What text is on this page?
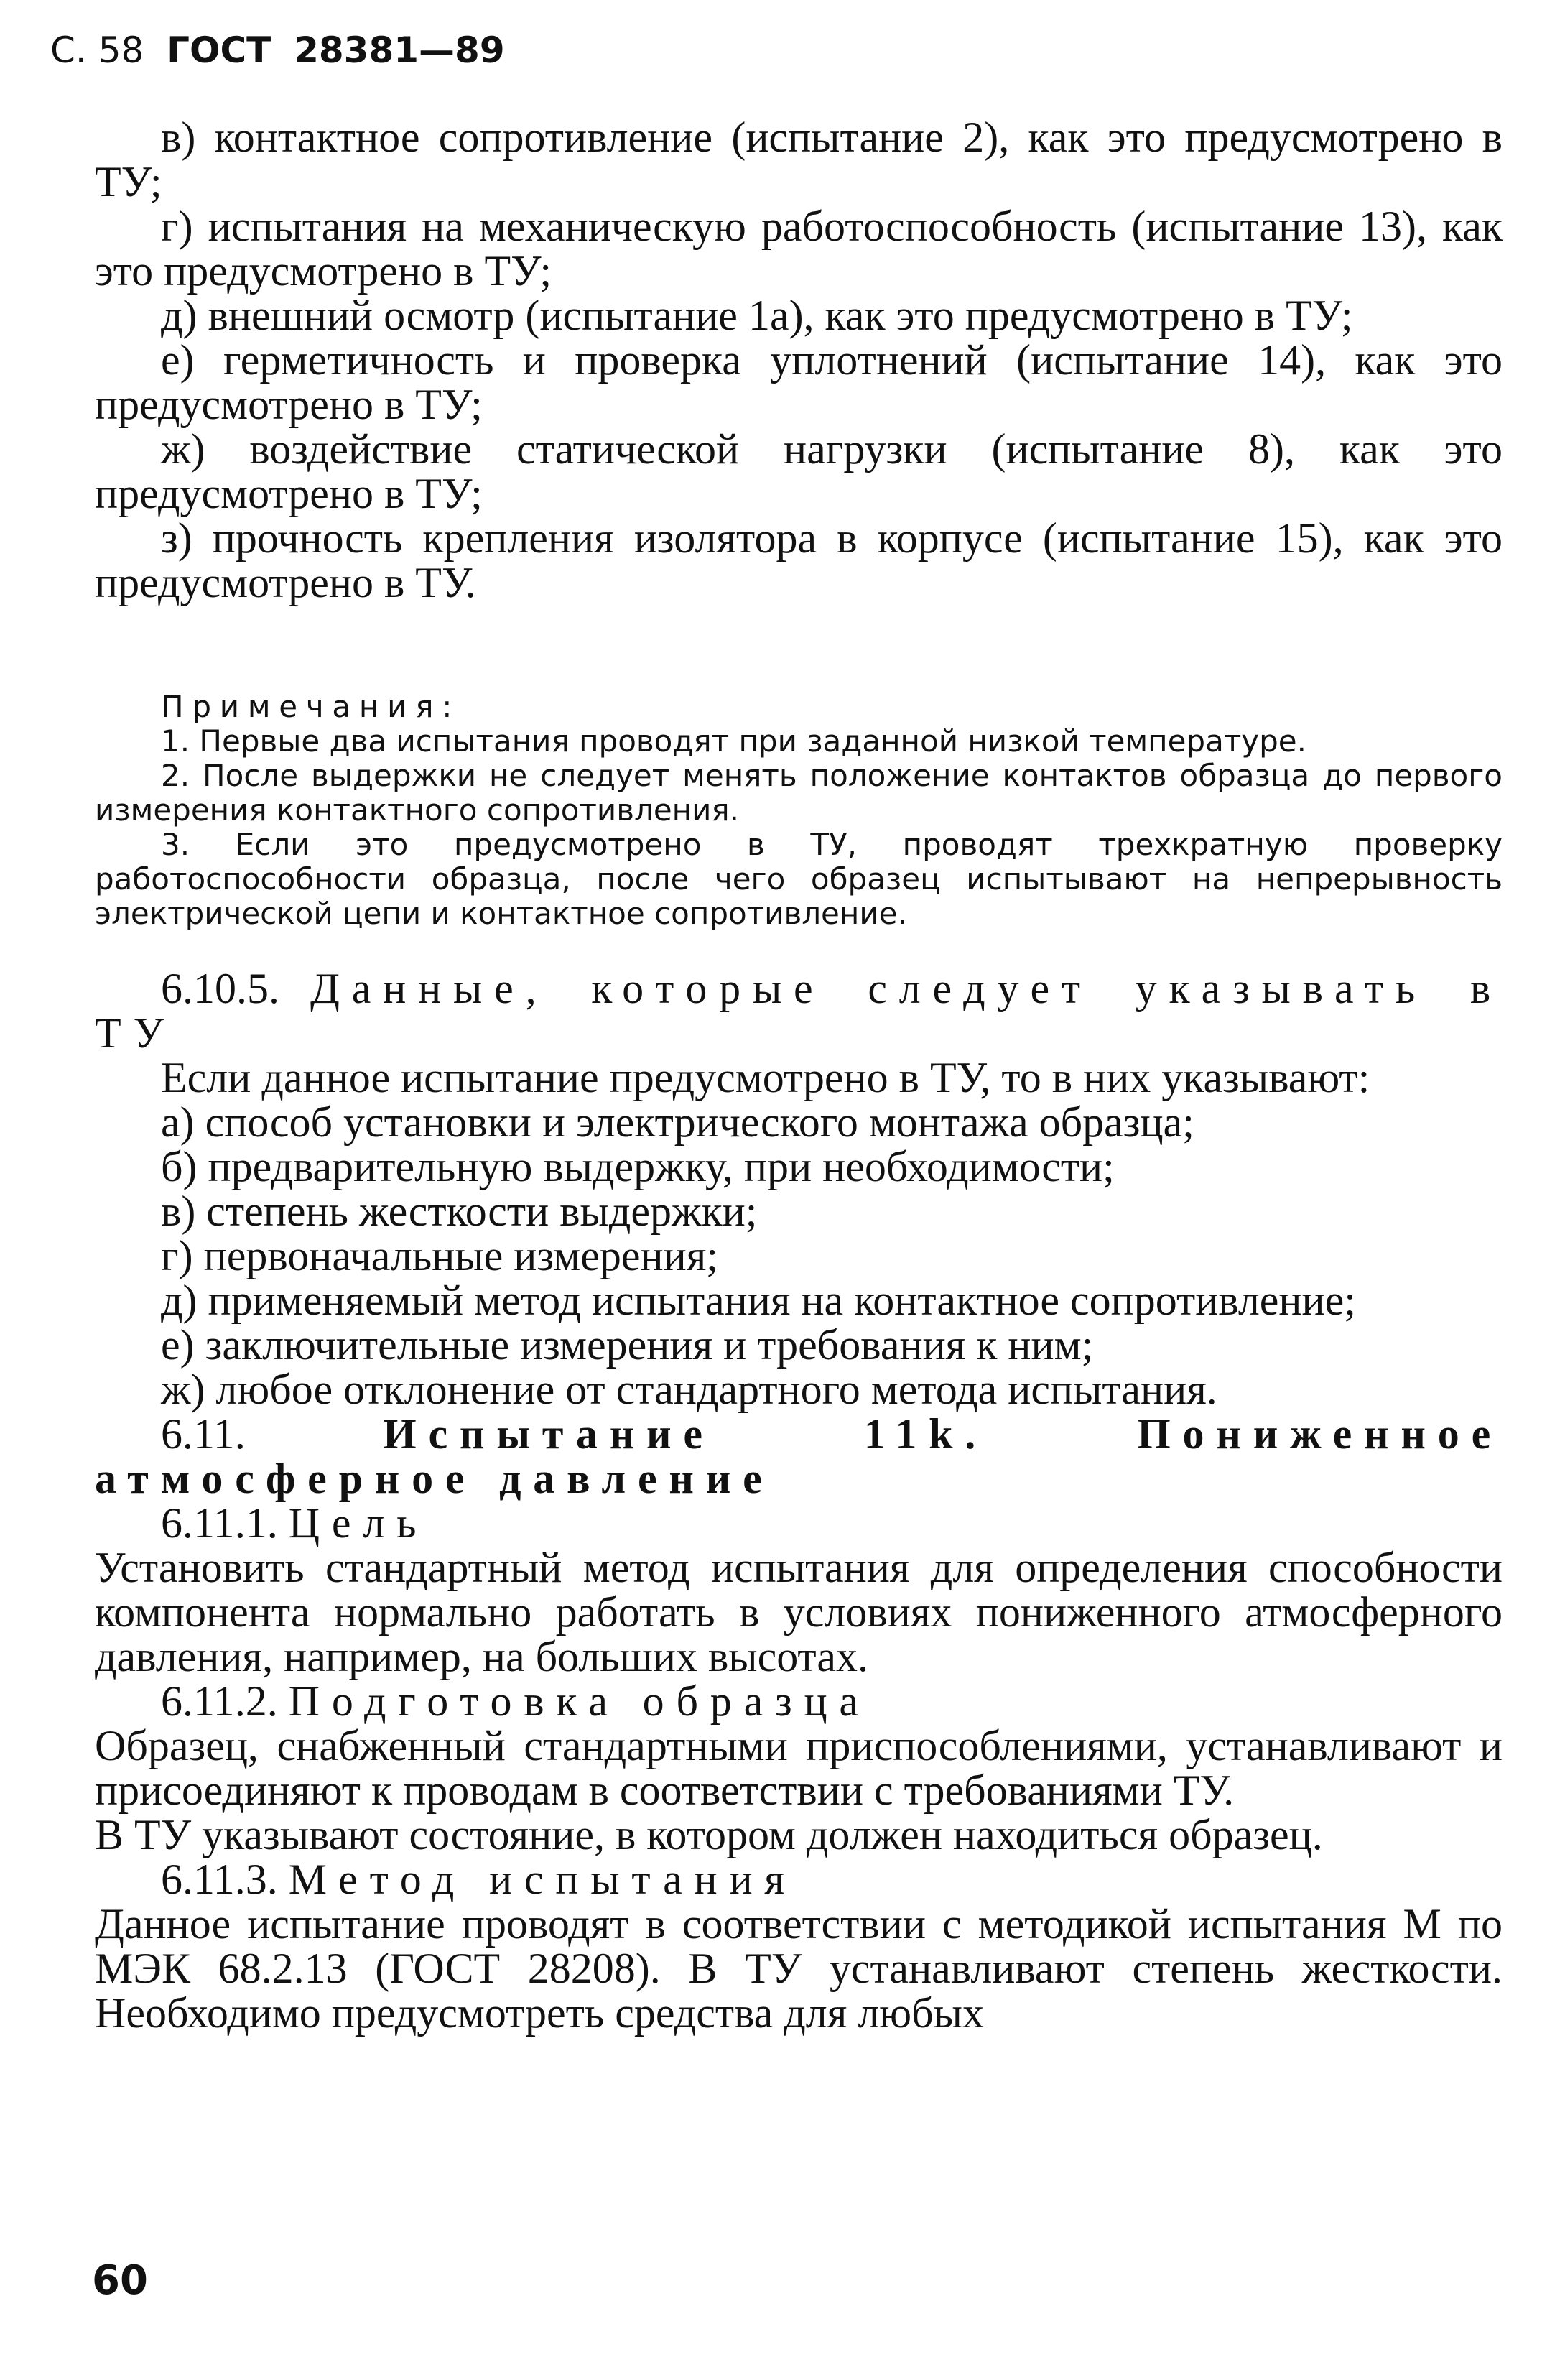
С. 58 ГОСТ 28381—89

в) контактное сопротивление (испытание 2), как это предусмотрено в ТУ;

г) испытания на механическую работоспособность (испытание 13), как это предусмотрено в ТУ;

д) внешний осмотр (испытание 1а), как это предусмотрено в ТУ;

е) герметичность и проверка уплотнений (испытание 14), как это предусмотрено в ТУ;

ж) воздействие статической нагрузки (испытание 8), как это предусмотрено в ТУ;

з) прочность крепления изолятора в корпусе (испытание 15), как это предусмотрено в ТУ.

Примечания:

1. Первые два испытания проводят при заданной низкой температуре.

2. После выдержки не следует менять положение контактов образца до первого измерения контактного сопротивления.

3. Если это предусмотрено в ТУ, проводят трехкратную проверку работоспособности образца, после чего образец испытывают на непрерывность электрической цепи и контактное сопротивление.

6.10.5. Данные, которые следует указывать в ТУ

Если данное испытание предусмотрено в ТУ, то в них указывают:

а) способ установки и электрического монтажа образца;

б) предварительную выдержку, при необходимости;

в) степень жесткости выдержки;

г) первоначальные измерения;

д) применяемый метод испытания на контактное сопротивление;

е) заключительные измерения и требования к ним;

ж) любое отклонение от стандартного метода испытания.

6.11.	Испытание 11k. Пониженное атмосферное давление

6.11.1. Цель

Установить стандартный метод испытания для определения способности компонента нормально работать в условиях пониженного атмосферного давления, например, на больших высотах.

6.11.2. Подготовка образца

Образец, снабженный стандартными приспособлениями, устанавливают и присоединяют к проводам в соответствии с требованиями ТУ.

В ТУ указывают состояние, в котором должен находиться образец.

6.11.3. Метод испытания

Данное испытание проводят в соответствии с методикой испытания М по МЭК 68.2.13 (ГОСТ 28208). В ТУ устанавливают степень жесткости. Необходимо предусмотреть средства для любых

60
